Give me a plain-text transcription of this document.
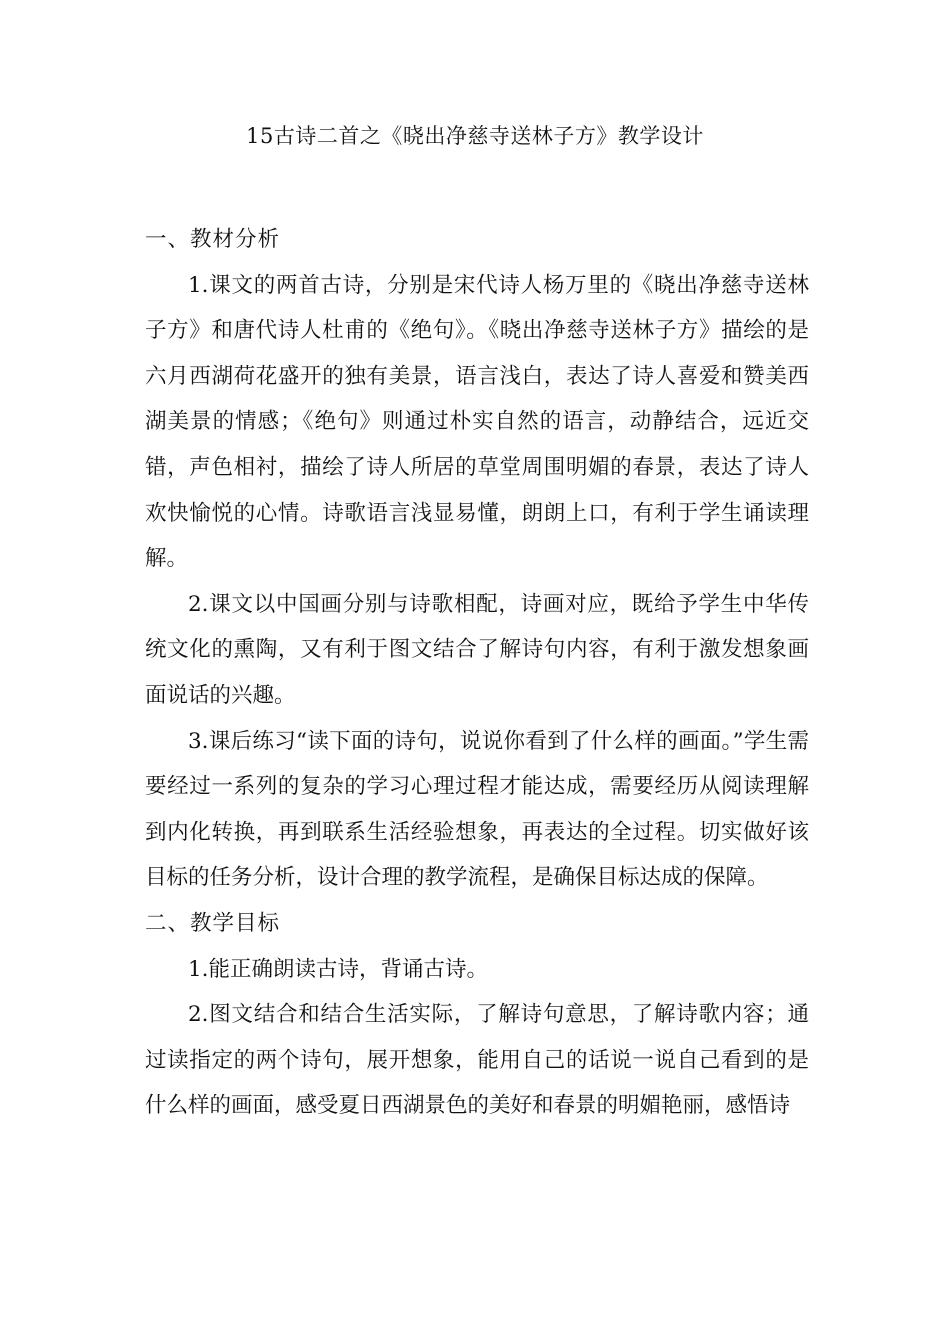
15古诗二首之《晓出净慈寺送林子方》教学设计
一、教材分析

1.课文的两首古诗，分别是宋代诗人杨万里的《晓出净慈寺送林子方》和唐代诗人杜甫的《绝句》。《晓出净慈寺送林子方》描绘的是六月西湖荷花盛开的独有美景，语言浅白，表达了诗人喜爱和赞美西湖美景的情感；《绝句》则通过朴实自然的语言，动静结合，远近交错，声色相衬，描绘了诗人所居的草堂周围明媚的春景，表达了诗人欢快愉悦的心情。诗歌语言浅显易懂，朗朗上口，有利于学生诵读理解。

2.课文以中国画分别与诗歌相配，诗画对应，既给予学生中华传统文化的熏陶，又有利于图文结合了解诗句内容，有利于激发想象画面说话的兴趣。

3.课后练习“读下面的诗句，说说你看到了什么样的画面。”学生需要经过一系列的复杂的学习心理过程才能达成，需要经历从阅读理解到内化转换，再到联系生活经验想象，再表达的全过程。切实做好该目标的任务分析，设计合理的教学流程，是确保目标达成的保障。

二、教学目标

1.能正确朗读古诗，背诵古诗。

2.图文结合和结合生活实际，了解诗句意思，了解诗歌内容；通过读指定的两个诗句，展开想象，能用自己的话说一说自己看到的是什么样的画面，感受夏日西湖景色的美好和春景的明媚艳丽，感悟诗
